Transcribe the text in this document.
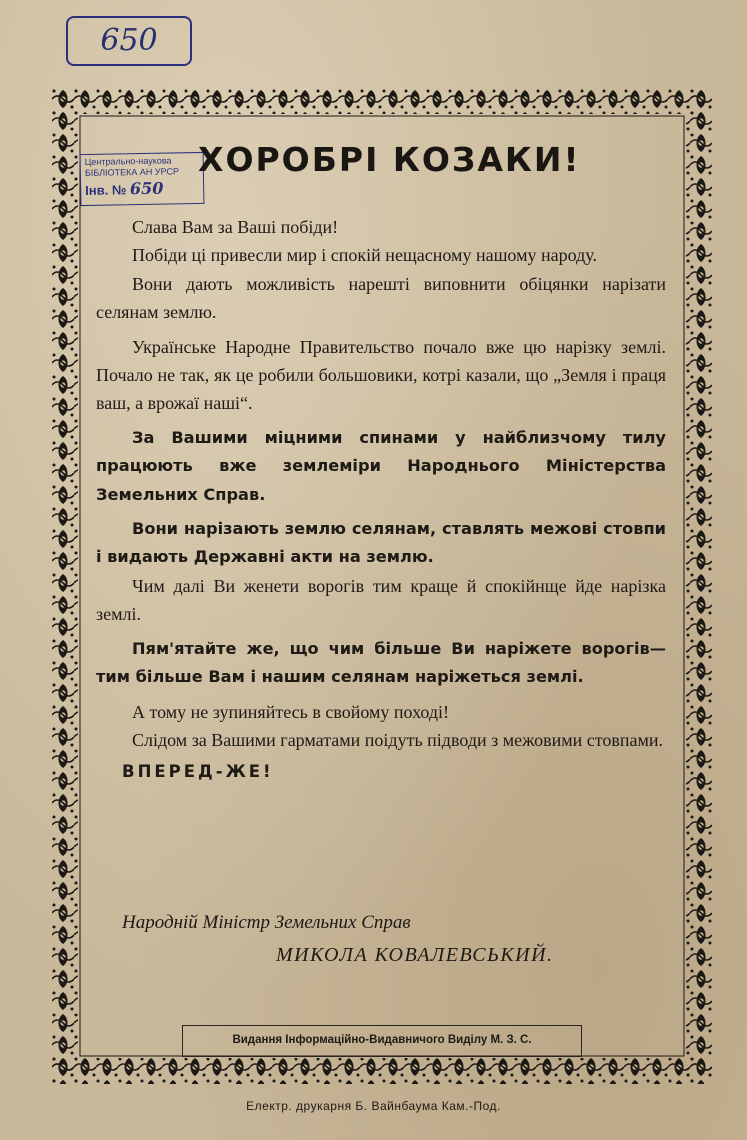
650
Центрально-наукова
БІБЛІОТЕКА АН УРСР
Інв. № 650
ХОРОБРІ КОЗАКИ!

Слава Вам за Ваші побіди!

Побіди ці привесли мир і спокій нещасному нашому народу.

Вони дають можливість нарешті виповнити обіцянки нарізати селянам землю.

Українське Народне Правительство почало вже цю нарізку землі. Почало не так, як це робили большовики, котрі казали, що „Земля і праця ваш, а врожаї наші“.

За Вашими міцними спинами у найблизчому тилу працюють вже землеміри Народнього Мінiстерства Земельних Справ.

Вони нарізають землю селянам, ставлять межові стовпи і видають Державні акти на землю.

Чим далі Ви женети ворогів тим краще й спокійнще йде нарізка землі.

Пям'ятайте же, що чим більше Ви наріжете ворогів—тим більше Вам і нашим селянам наріжеться землі.

А тому не зупиняйтесь в свойому поході!

Слідом за Вашими гарматами поідуть підводи з межовими стовпами.

ВПЕРЕД-ЖЕ!

Народній Міністр Земельних Справ
МИКОЛА КОВАЛЕВСЬКИЙ.
Видання Інформаційно-Видавничого Виділу М. З. С.
Електр. друкарня Б. Вайнбаума Кам.-Под.
